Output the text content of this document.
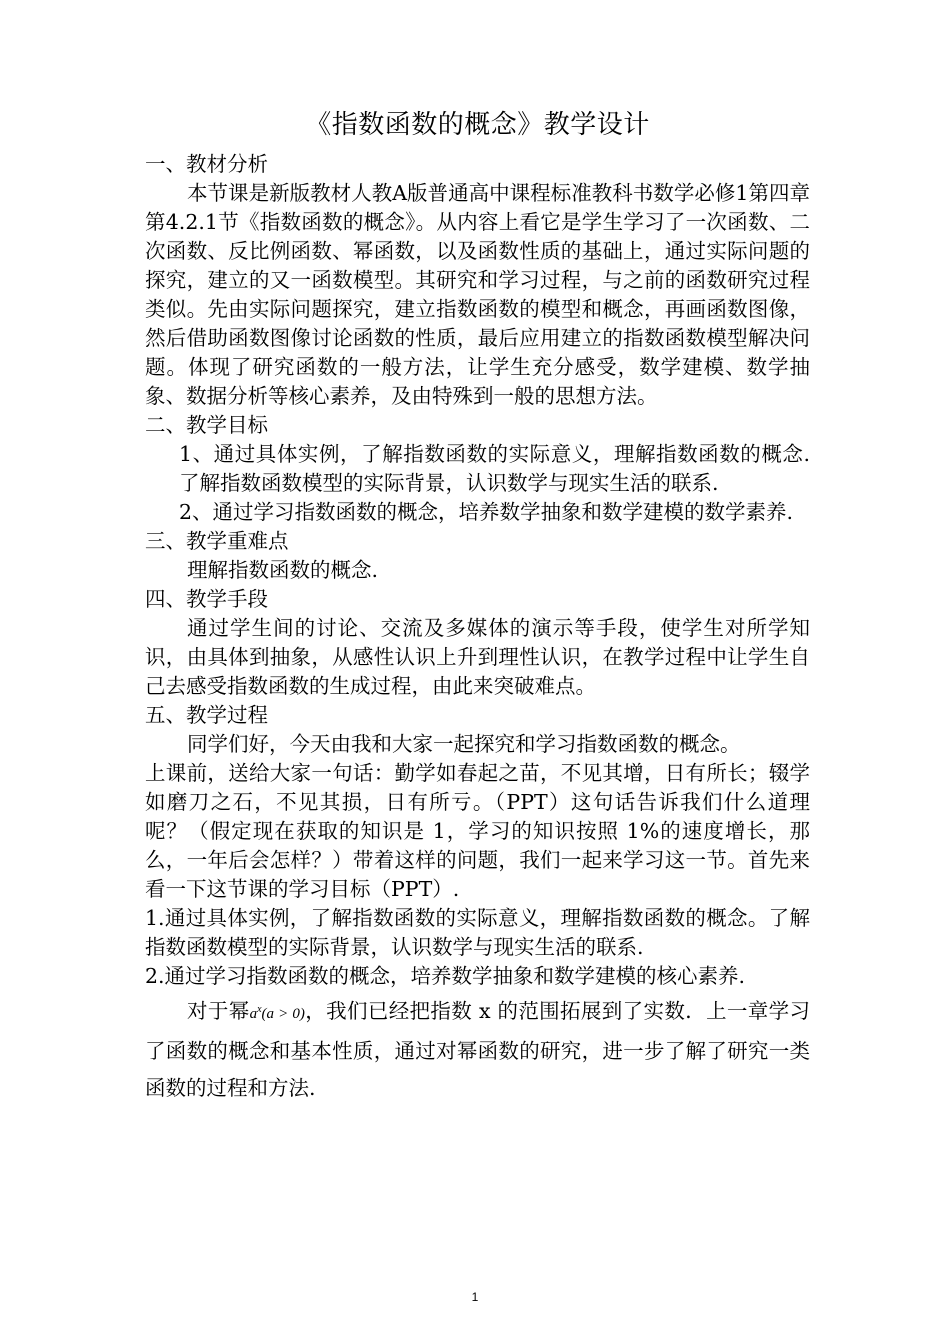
《指数函数的概念》教学设计
一、教材分析

本节课是新版教材人教A版普通高中课程标准教科书数学必修1第四章第4.2.1节《指数函数的概念》。从内容上看它是学生学习了一次函数、二次函数、反比例函数、幂函数，以及函数性质的基础上，通过实际问题的探究，建立的又一函数模型。其研究和学习过程，与之前的函数研究过程类似。先由实际问题探究，建立指数函数的模型和概念，再画函数图像，然后借助函数图像讨论函数的性质，最后应用建立的指数函数模型解决问题。体现了研究函数的一般方法，让学生充分感受，数学建模、数学抽象、数据分析等核心素养，及由特殊到一般的思想方法。

二、教学目标

1、通过具体实例，了解指数函数的实际意义，理解指数函数的概念.了解指数函数模型的实际背景，认识数学与现实生活的联系.

2、通过学习指数函数的概念，培养数学抽象和数学建模的数学素养.

三、教学重难点

理解指数函数的概念.

四、教学手段

通过学生间的讨论、交流及多媒体的演示等手段，使学生对所学知识，由具体到抽象，从感性认识上升到理性认识，在教学过程中让学生自己去感受指数函数的生成过程，由此来突破难点。

五、教学过程

同学们好，今天由我和大家一起探究和学习指数函数的概念。

上课前，送给大家一句话：勤学如春起之苗，不见其增，日有所长；辍学如磨刀之石，不见其损，日有所亏。（PPT）这句话告诉我们什么道理呢？（假定现在获取的知识是 1，学习的知识按照 1%的速度增长，那么，一年后会怎样？）带着这样的问题，我们一起来学习这一节。首先来看一下这节课的学习目标（PPT）.

1.通过具体实例，了解指数函数的实际意义，理解指数函数的概念。了解指数函数模型的实际背景，认识数学与现实生活的联系.

2.通过学习指数函数的概念，培养数学抽象和数学建模的核心素养.

对于幂$a^x(a > 0)$，我们已经把指数 x 的范围拓展到了实数．上一章学习了函数的概念和基本性质，通过对幂函数的研究，进一步了解了研究一类函数的过程和方法.

1
